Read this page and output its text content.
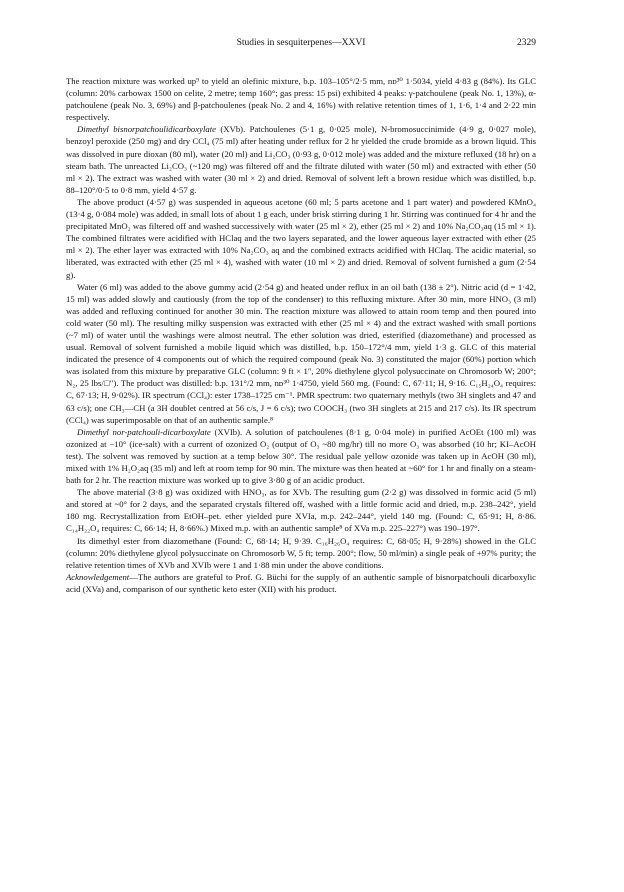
Studies in sesquiterpenes—XXVI	2329

The reaction mixture was worked up⁹ to yield an olefinic mixture, b.p. 103–105°/2·5 mm, nᴅ³⁰ 1·5034, yield 4·83 g (84%). Its GLC (column: 20% carbowax 1500 on celite, 2 metre; temp 160°; gas press: 15 psi) exhibited 4 peaks: γ-patchoulene (peak No. 1, 13%), α-patchoulene (peak No. 3, 69%) and β-patchoulenes (peak No. 2 and 4, 16%) with relative retention times of 1, 1·6, 1·4 and 2·22 min respectively.

Dimethyl bisnorpatchoulidicarboxylate (XVb). Patchoulenes (5·1 g, 0·025 mole), N-bromosuccinimide (4·9 g, 0·027 mole), benzoyl peroxide (250 mg) and dry CCl₄ (75 ml) after heating under reflux for 2 hr yielded the crude bromide as a brown liquid. This was dissolved in pure dioxan (80 ml), water (20 ml) and Li₂CO₃ (0·93 g, 0·012 mole) was added and the mixture refluxed (18 hr) on a steam bath. The unreacted Li₂CO₃ (~120 mg) was filtered off and the filtrate diluted with water (50 ml) and extracted with ether (50 ml × 2). The extract was washed with water (30 ml × 2) and dried. Removal of solvent left a brown residue which was distilled, b.p. 88–120°/0·5 to 0·8 mm, yield 4·57 g.

The above product (4·57 g) was suspended in aqueous acetone (60 ml; 5 parts acetone and 1 part water) and powdered KMnO₄ (13·4 g, 0·084 mole) was added, in small lots of about 1 g each, under brisk stirring during 1 hr. Stirring was continued for 4 hr and the precipitated MnO₂ was filtered off and washed successively with water (25 ml × 2), ether (25 ml × 2) and 10% Na₂CO₃aq (15 ml × 1). The combined filtrates were acidified with HClaq and the two layers separated, and the lower aqueous layer extracted with ether (25 ml × 2). The ether layer was extracted with 10% Na₂CO₃ aq and the combined extracts acidified with HClaq. The acidic material, so liberated, was extracted with ether (25 ml × 4), washed with water (10 ml × 2) and dried. Removal of solvent furnished a gum (2·54 g).

Water (6 ml) was added to the above gummy acid (2·54 g) and heated under reflux in an oil bath (138 ± 2°). Nitric acid (d = 1·42, 15 ml) was added slowly and cautiously (from the top of the condenser) to this refluxing mixture. After 30 min, more HNO₃ (3 ml) was added and refluxing continued for another 30 min. The reaction mixture was allowed to attain room temp and then poured into cold water (50 ml). The resulting milky suspension was extracted with ether (25 ml × 4) and the extract washed with small portions (~7 ml) of water until the washings were almost neutral. The ether solution was dried, esterified (diazomethane) and processed as usual. Removal of solvent furnished a mobile liquid which was distilled, b.p. 150–172°/4 mm, yield 1·3 g. GLC of this material indicated the presence of 4 components out of which the required compound (peak No. 3) constituted the major (60%) portion which was isolated from this mixture by preparative GLC (column: 9 ft × 1″, 20% diethylene glycol polysuccinate on Chromosorb W; 200°; N₂, 25 lbs/□″). The product was distilled: b.p. 131°/2 mm, nᴅ³⁰ 1·4750, yield 560 mg. (Found: C, 67·11; H, 9·16. C₁₅H₂₄O₄ requires: C, 67·13; H, 9·02%). IR spectrum (CCl₄): ester 1738–1725 cm⁻¹. PMR spectrum: two quaternary methyls (two 3H singlets and 47 and 63 c/s); one CH₃—CH (a 3H doublet centred at 56 c/s, J = 6 c/s); two COOCH₃ (two 3H singlets at 215 and 217 c/s). Its IR spectrum (CCl₄) was superimposable on that of an authentic sample.⁸

Dimethyl nor-patchouli-dicarboxylate (XVIb). A solution of patchoulenes (8·1 g, 0·04 mole) in purified AcOEt (100 ml) was ozonized at −10° (ice-salt) with a current of ozonized O₂ (output of O₃ ~80 mg/hr) till no more O₃ was absorbed (10 hr; KI–AcOH test). The solvent was removed by suction at a temp below 30°. The residual pale yellow ozonide was taken up in AcOH (30 ml), mixed with 1% H₂O₂aq (35 ml) and left at room temp for 90 min. The mixture was then heated at ~60° for 1 hr and finally on a steam-bath for 2 hr. The reaction mixture was worked up to give 3·80 g of an acidic product.

The above material (3·8 g) was oxidized with HNO₃, as for XVb. The resulting gum (2·2 g) was dissolved in formic acid (5 ml) and stored at ~0° for 2 days, and the separated crystals filtered off, washed with a little formic acid and dried, m.p. 238–242°, yield 180 mg. Recrystallization from EtOH–pet. ether yielded pure XVIa, m.p. 242–244°, yield 140 mg. (Found: C, 65·91; H, 8·86. C₁₄H₂₂O₄ requires: C, 66·14; H, 8·66%.) Mixed m.p. with an authentic sample⁸ of XVa m.p. 225–227°) was 190–197°.

Its dimethyl ester from diazomethane (Found: C, 68·14; H, 9·39. C₁₆H₂₆O₄ requires: C, 68·05; H, 9·28%) showed in the GLC (column: 20% diethylene glycol polysuccinate on Chromosorb W, 5 ft; temp. 200°; flow, 50 ml/min) a single peak of +97% purity; the relative retention times of XVb and XVIb were 1 and 1·88 min under the above conditions.

Acknowledgement—The authors are grateful to Prof. G. Büchi for the supply of an authentic sample of bisnorpatchouli dicarboxylic acid (XVa) and, comparison of our synthetic keto ester (XII) with his product.
